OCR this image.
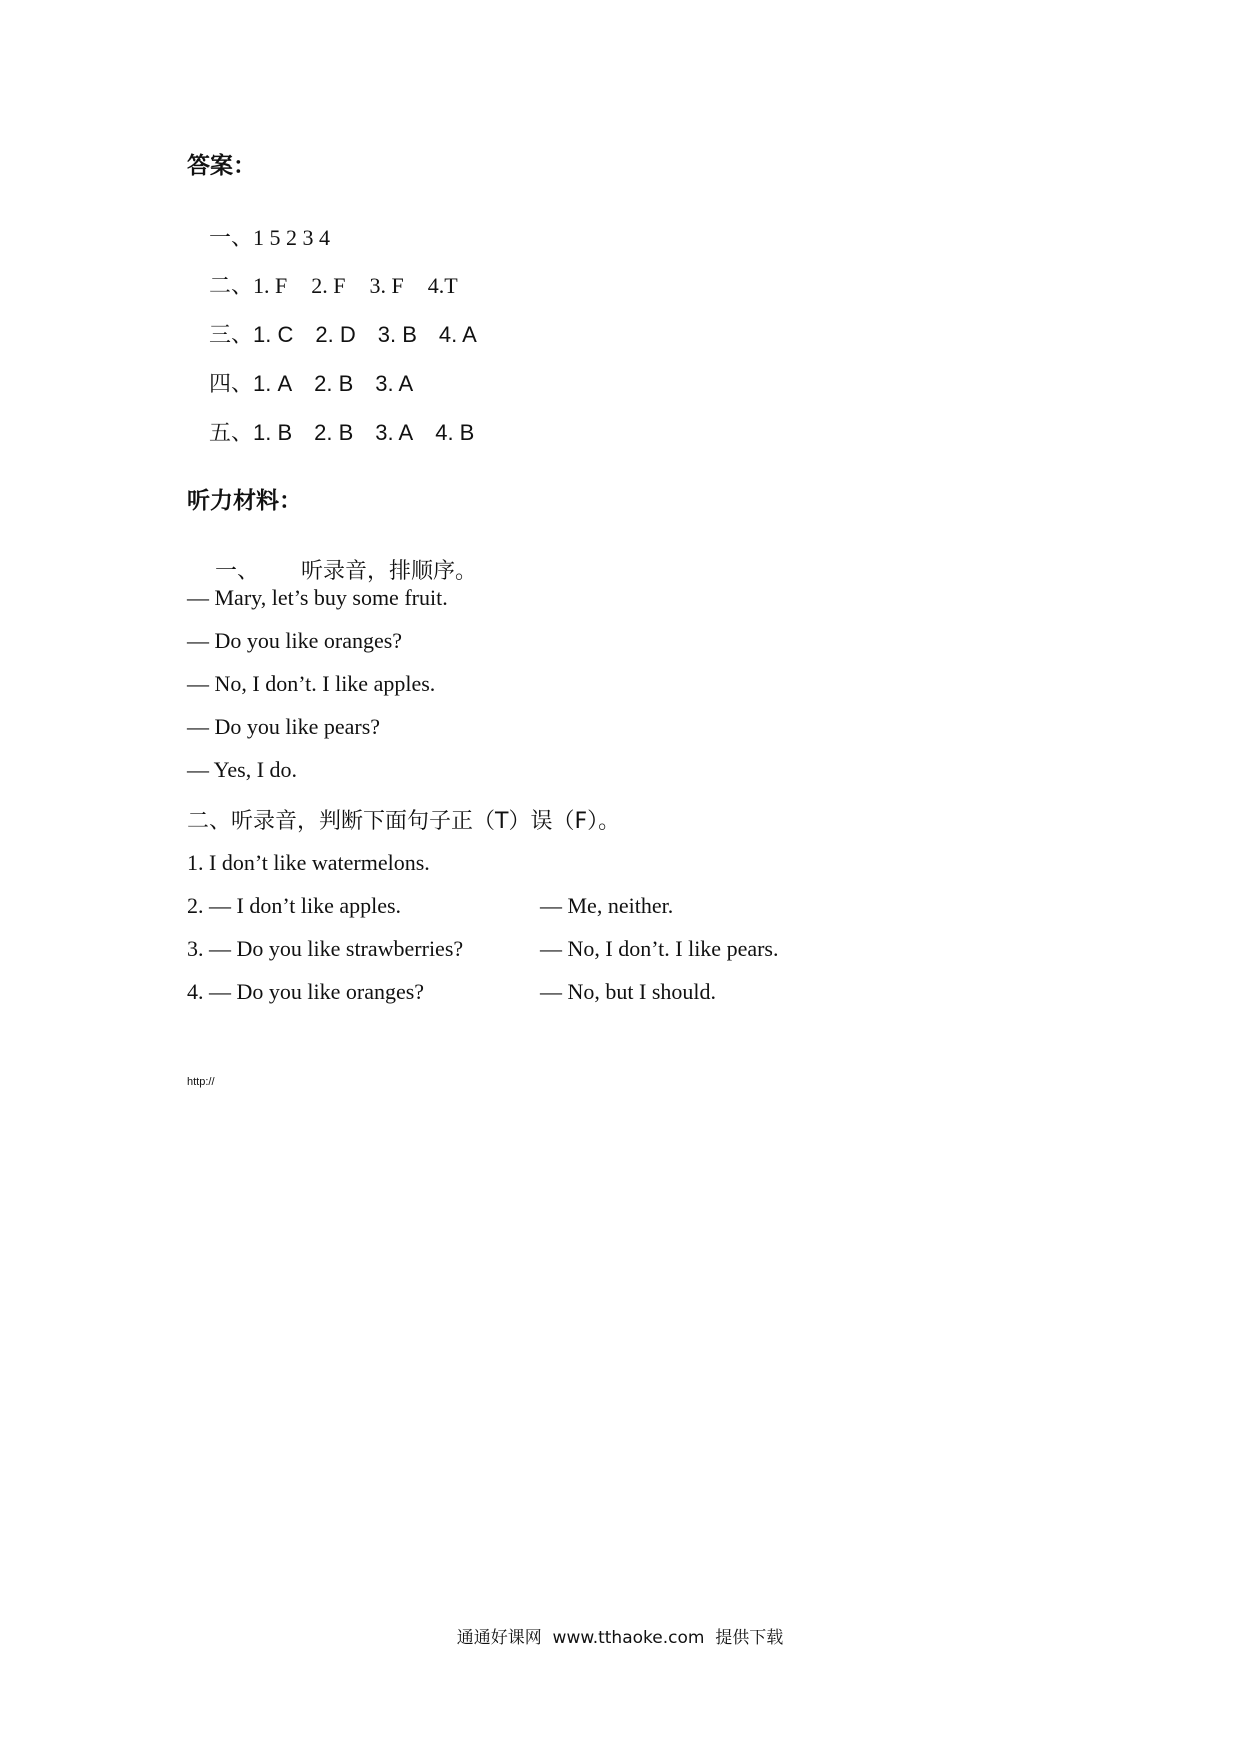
答案：

一、1 5 2 3 4

二、1. F 2. F 3. F 4.T

三、1. C 2. D 3. B 4. A

四、1. A 2. B 3. A

五、1. B 2. B 3. A 4. B

听力材料：

一、 听录音，排顺序。

— Mary, let’s buy some fruit.
— Do you like oranges?
— No, I don’t. I like apples.
— Do you like pears?
— Yes, I do.
二、听录音，判断下面句子正（T）误（F）。
1. I don’t like watermelons.
2. — I don’t like apples.	— Me, neither.
3. — Do you like strawberries?	— No, I don’t. I like pears.
4. — Do you like oranges?	— No, but I should.
http://
通通好课网  www.tthaoke.com  提供下载
